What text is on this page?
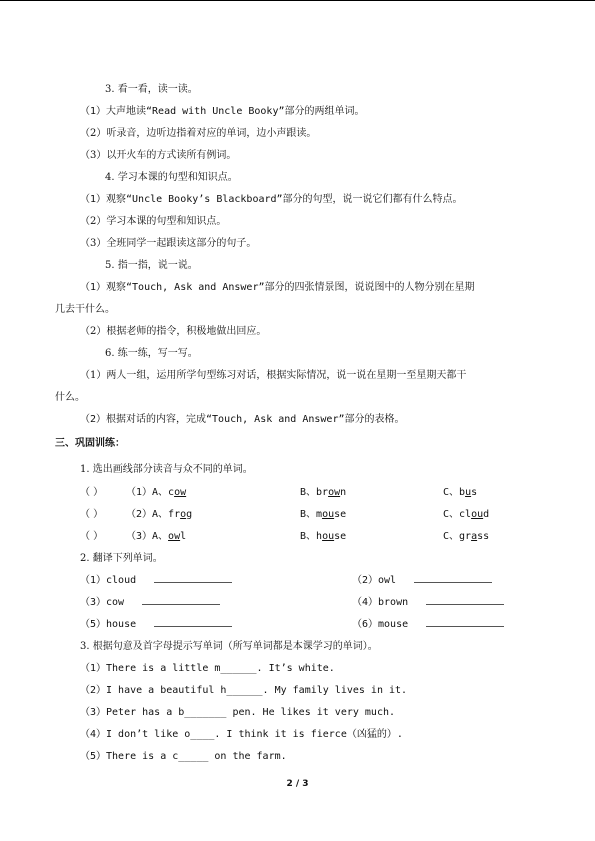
3. 看一看，读一读。
（1）大声地读“Read with Uncle Booky”部分的两组单词。
（2）听录音，边听边指着对应的单词，边小声跟读。
（3）以开火车的方式读所有例词。
4. 学习本课的句型和知识点。
（1）观察“Uncle Booky’s Blackboard”部分的句型，说一说它们都有什么特点。
（2）学习本课的句型和知识点。
（3）全班同学一起跟读这部分的句子。
5. 指一指，说一说。
（1）观察“Touch, Ask and Answer”部分的四张情景图，说说图中的人物分别在星期
几去干什么。
（2）根据老师的指令，积极地做出回应。
6. 练一练，写一写。
（1）两人一组，运用所学句型练习对话，根据实际情况，说一说在星期一至星期天都干
什么。
（2）根据对话的内容，完成“Touch, Ask and Answer”部分的表格。
三、巩固训练：
1. 选出画线部分读音与众不同的单词。
（ ） （1）A、cow	B、brown	C、bus
（ ） （2）A、frog	B、mouse	C、cloud
（ ） （3）A、owl	B、house	C、grass
2. 翻译下列单词。
（1）cloud	（2）owl
（3）cow	（4）brown
（5）house	（6）mouse
3. 根据句意及首字母提示写单词（所写单词都是本课学习的单词）。
（1）There is a little m______. It’s white.
（2）I have a beautiful h______. My family lives in it.
（3）Peter has a b_______ pen. He likes it very much.
（4）I don’t like o____. I think it is fierce（凶猛的）.
（5）There is a c_____ on the farm.
2 / 3
